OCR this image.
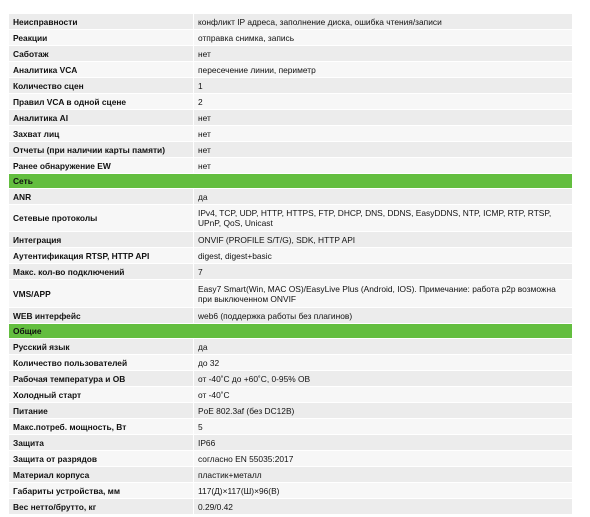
Неисправности	конфликт IP адреса, заполнение диска, ошибка чтения/записи
Реакции	отправка снимка, запись
Саботаж	нет
Аналитика VCA	пересечение линии, периметр
Количество сцен	1
Правил VCA в одной сцене	2
Аналитика AI	нет
Захват лиц	нет
Отчеты (при наличии карты памяти)	нет
Ранее обнаружение EW	нет
Сеть	
ANR	да
Сетевые протоколы	IPv4, TCP, UDP, HTTP, HTTPS, FTP, DHCP, DNS, DDNS, EasyDDNS, NTP, ICMP, RTP, RTSP, UPnP, QoS, Unicast
Интеграция	ONVIF (PROFILE S/T/G), SDK, HTTP API
Аутентификация RTSP, HTTP API	digest, digest+basic
Макс. кол-во подключений	7
VMS/APP	Easy7 Smart(Win, MAC OS)/EasyLive Plus (Android, IOS). Примечание: работа p2p возможна при выключенном ONVIF
WEB интерфейс	web6 (поддержка работы без плагинов)
Общие	
Русский язык	да
Количество пользователей	до 32
Рабочая температура и ОВ	от -40˚С до +60˚С, 0-95% ОВ
Холодный старт	от -40˚С
Питание	PoE 802.3af (без DC12В)
Макс.потреб. мощность, Вт	5
Защита	IP66
Защита от разрядов	согласно EN 55035:2017
Материал корпуса	пластик+металл
Габариты устройства, мм	117(Д)×117(Ш)×96(В)
Вес нетто/брутто, кг	0.29/0.42
